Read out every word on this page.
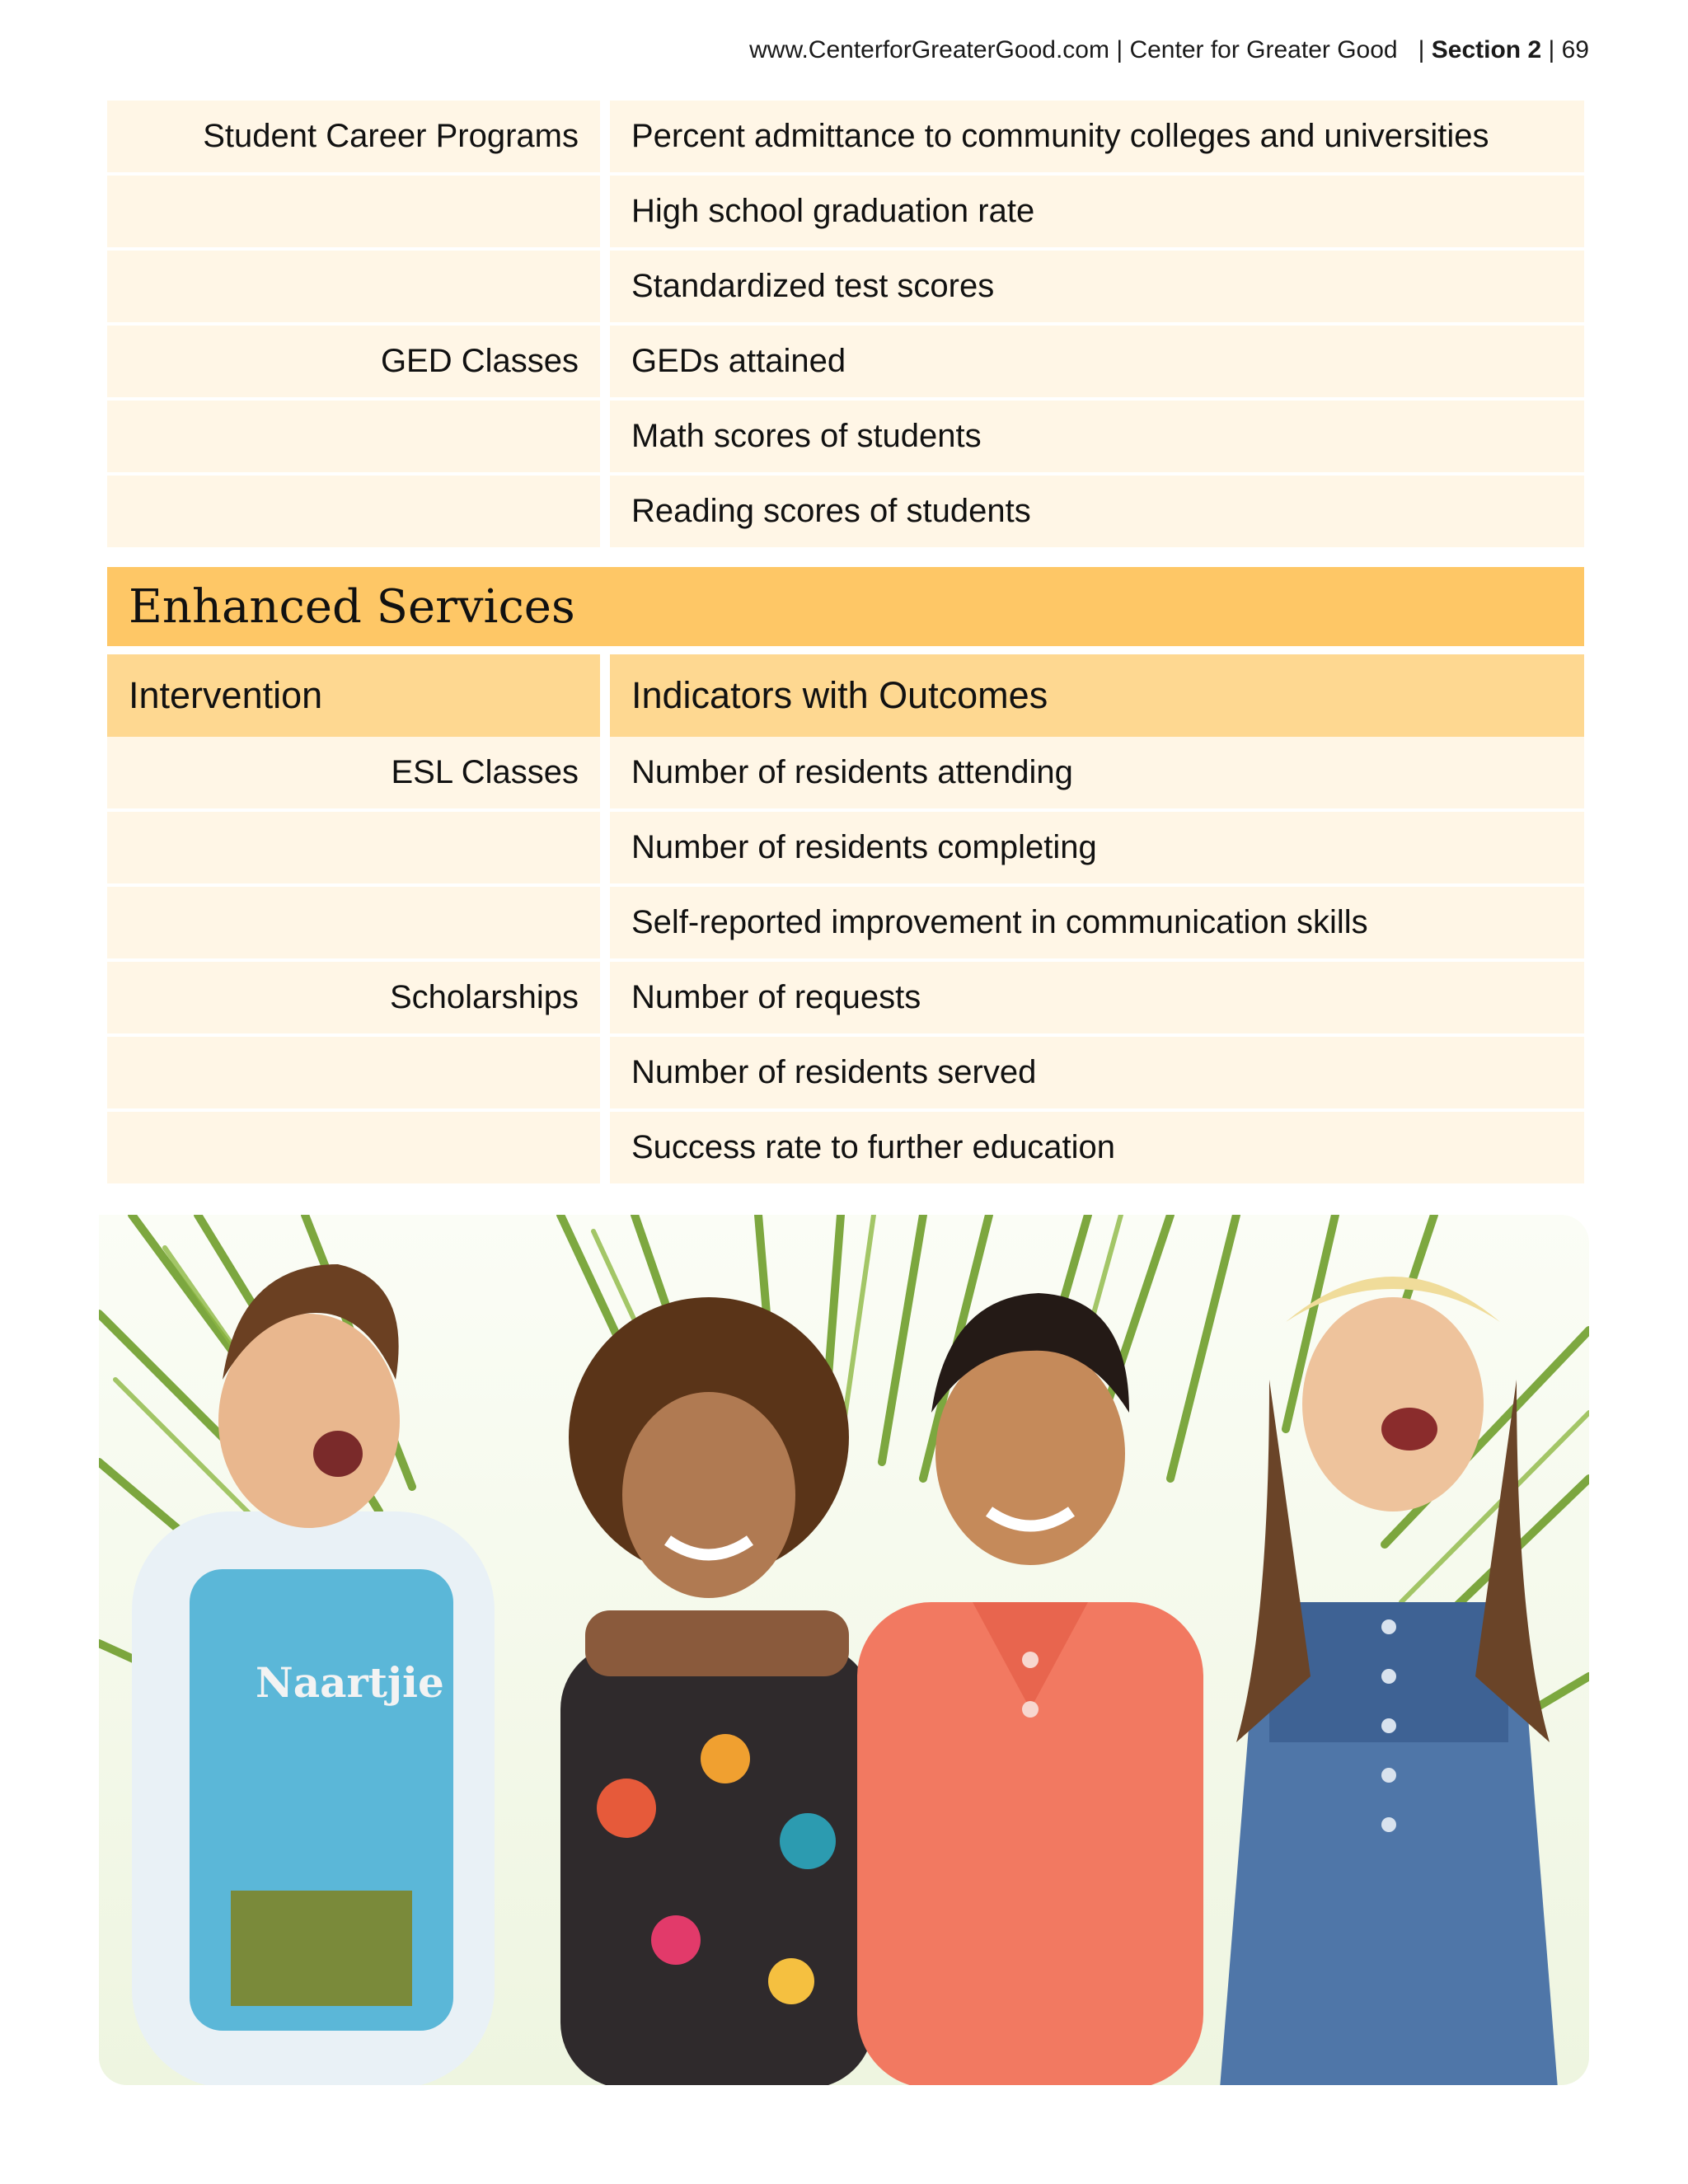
www.CenterforGreaterGood.com | Center for Greater Good   | Section 2 | 69
Student Career Programs	Percent admittance to community colleges and universities
High school graduation rate
Standardized test scores
GED Classes	GEDs attained
Math scores of students
Reading scores of students
Enhanced Services
Intervention	Indicators with Outcomes
ESL Classes	Number of residents attending
Number of residents completing
Self-reported improvement in communication skills
Scholarships	Number of requests
Number of residents served
Success rate to further education
Naartjie
